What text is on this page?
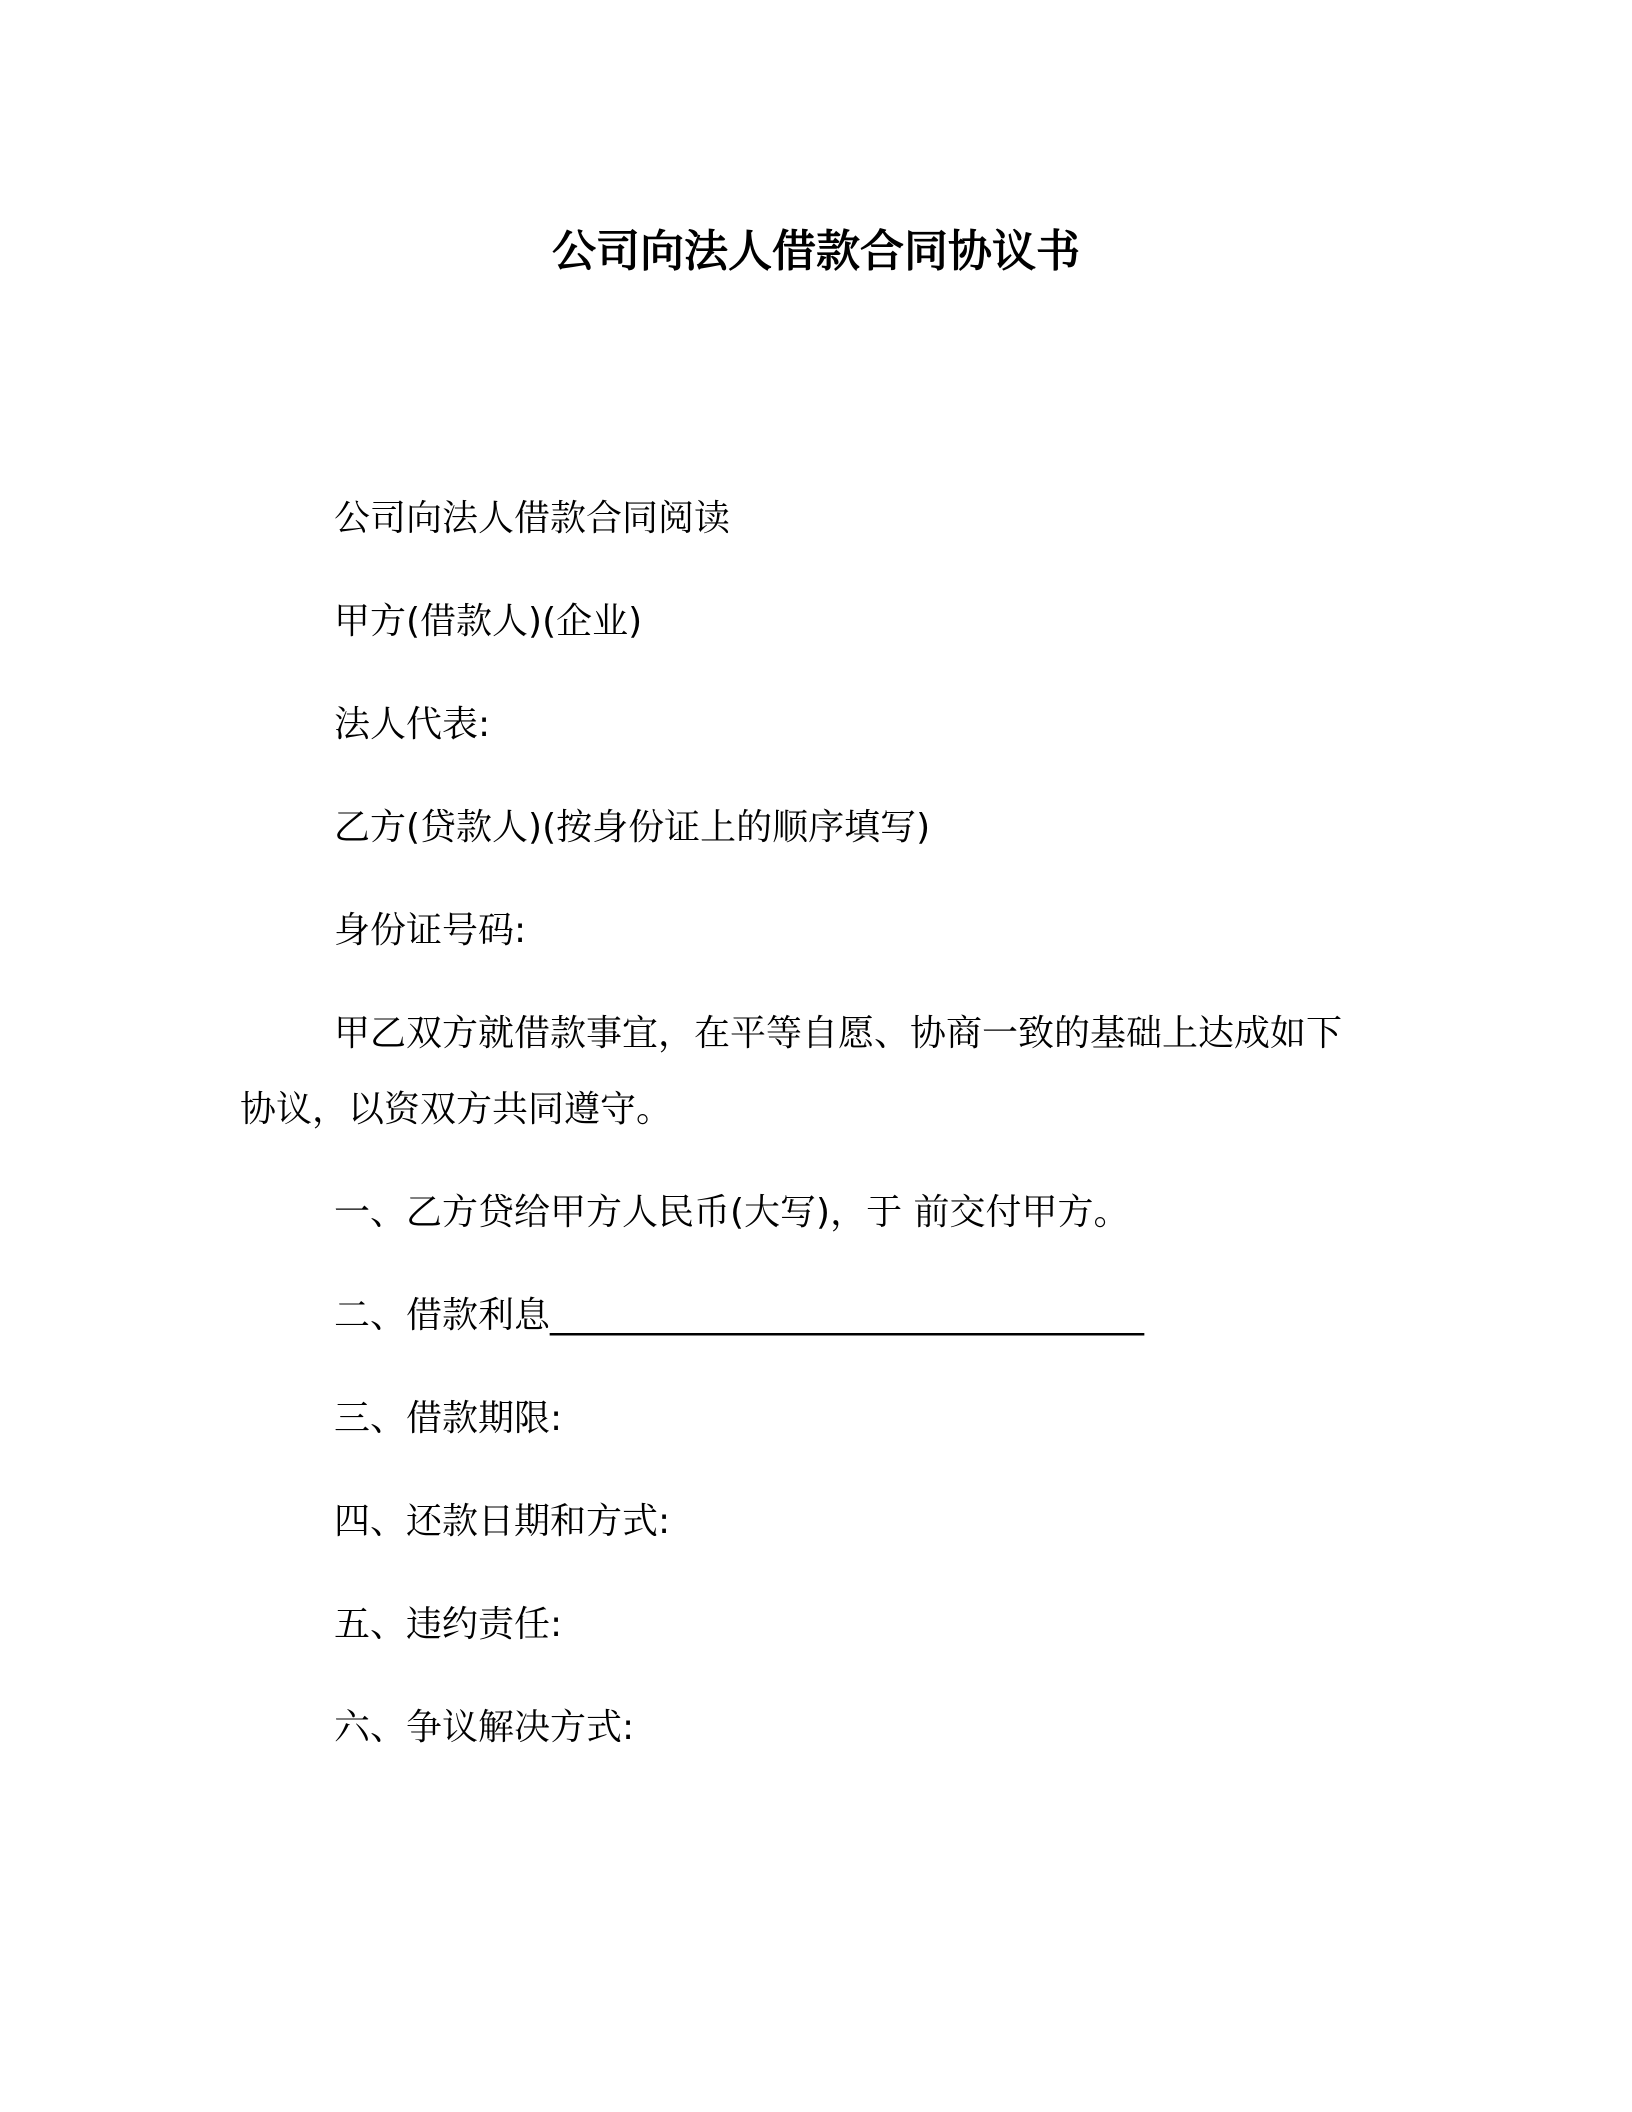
公司向法人借款合同协议书
公司向法人借款合同阅读
甲方(借款人)(企业)
法人代表:
乙方(贷款人)(按身份证上的顺序填写)
身份证号码:
甲乙双方就借款事宜，在平等自愿、协商一致的基础上达成如下
协议，以资双方共同遵守。
一、乙方贷给甲方人民币(大写)，于 前交付甲方。
二、借款利息_________________________________
三、借款期限:
四、还款日期和方式:
五、违约责任:
六、争议解决方式:
